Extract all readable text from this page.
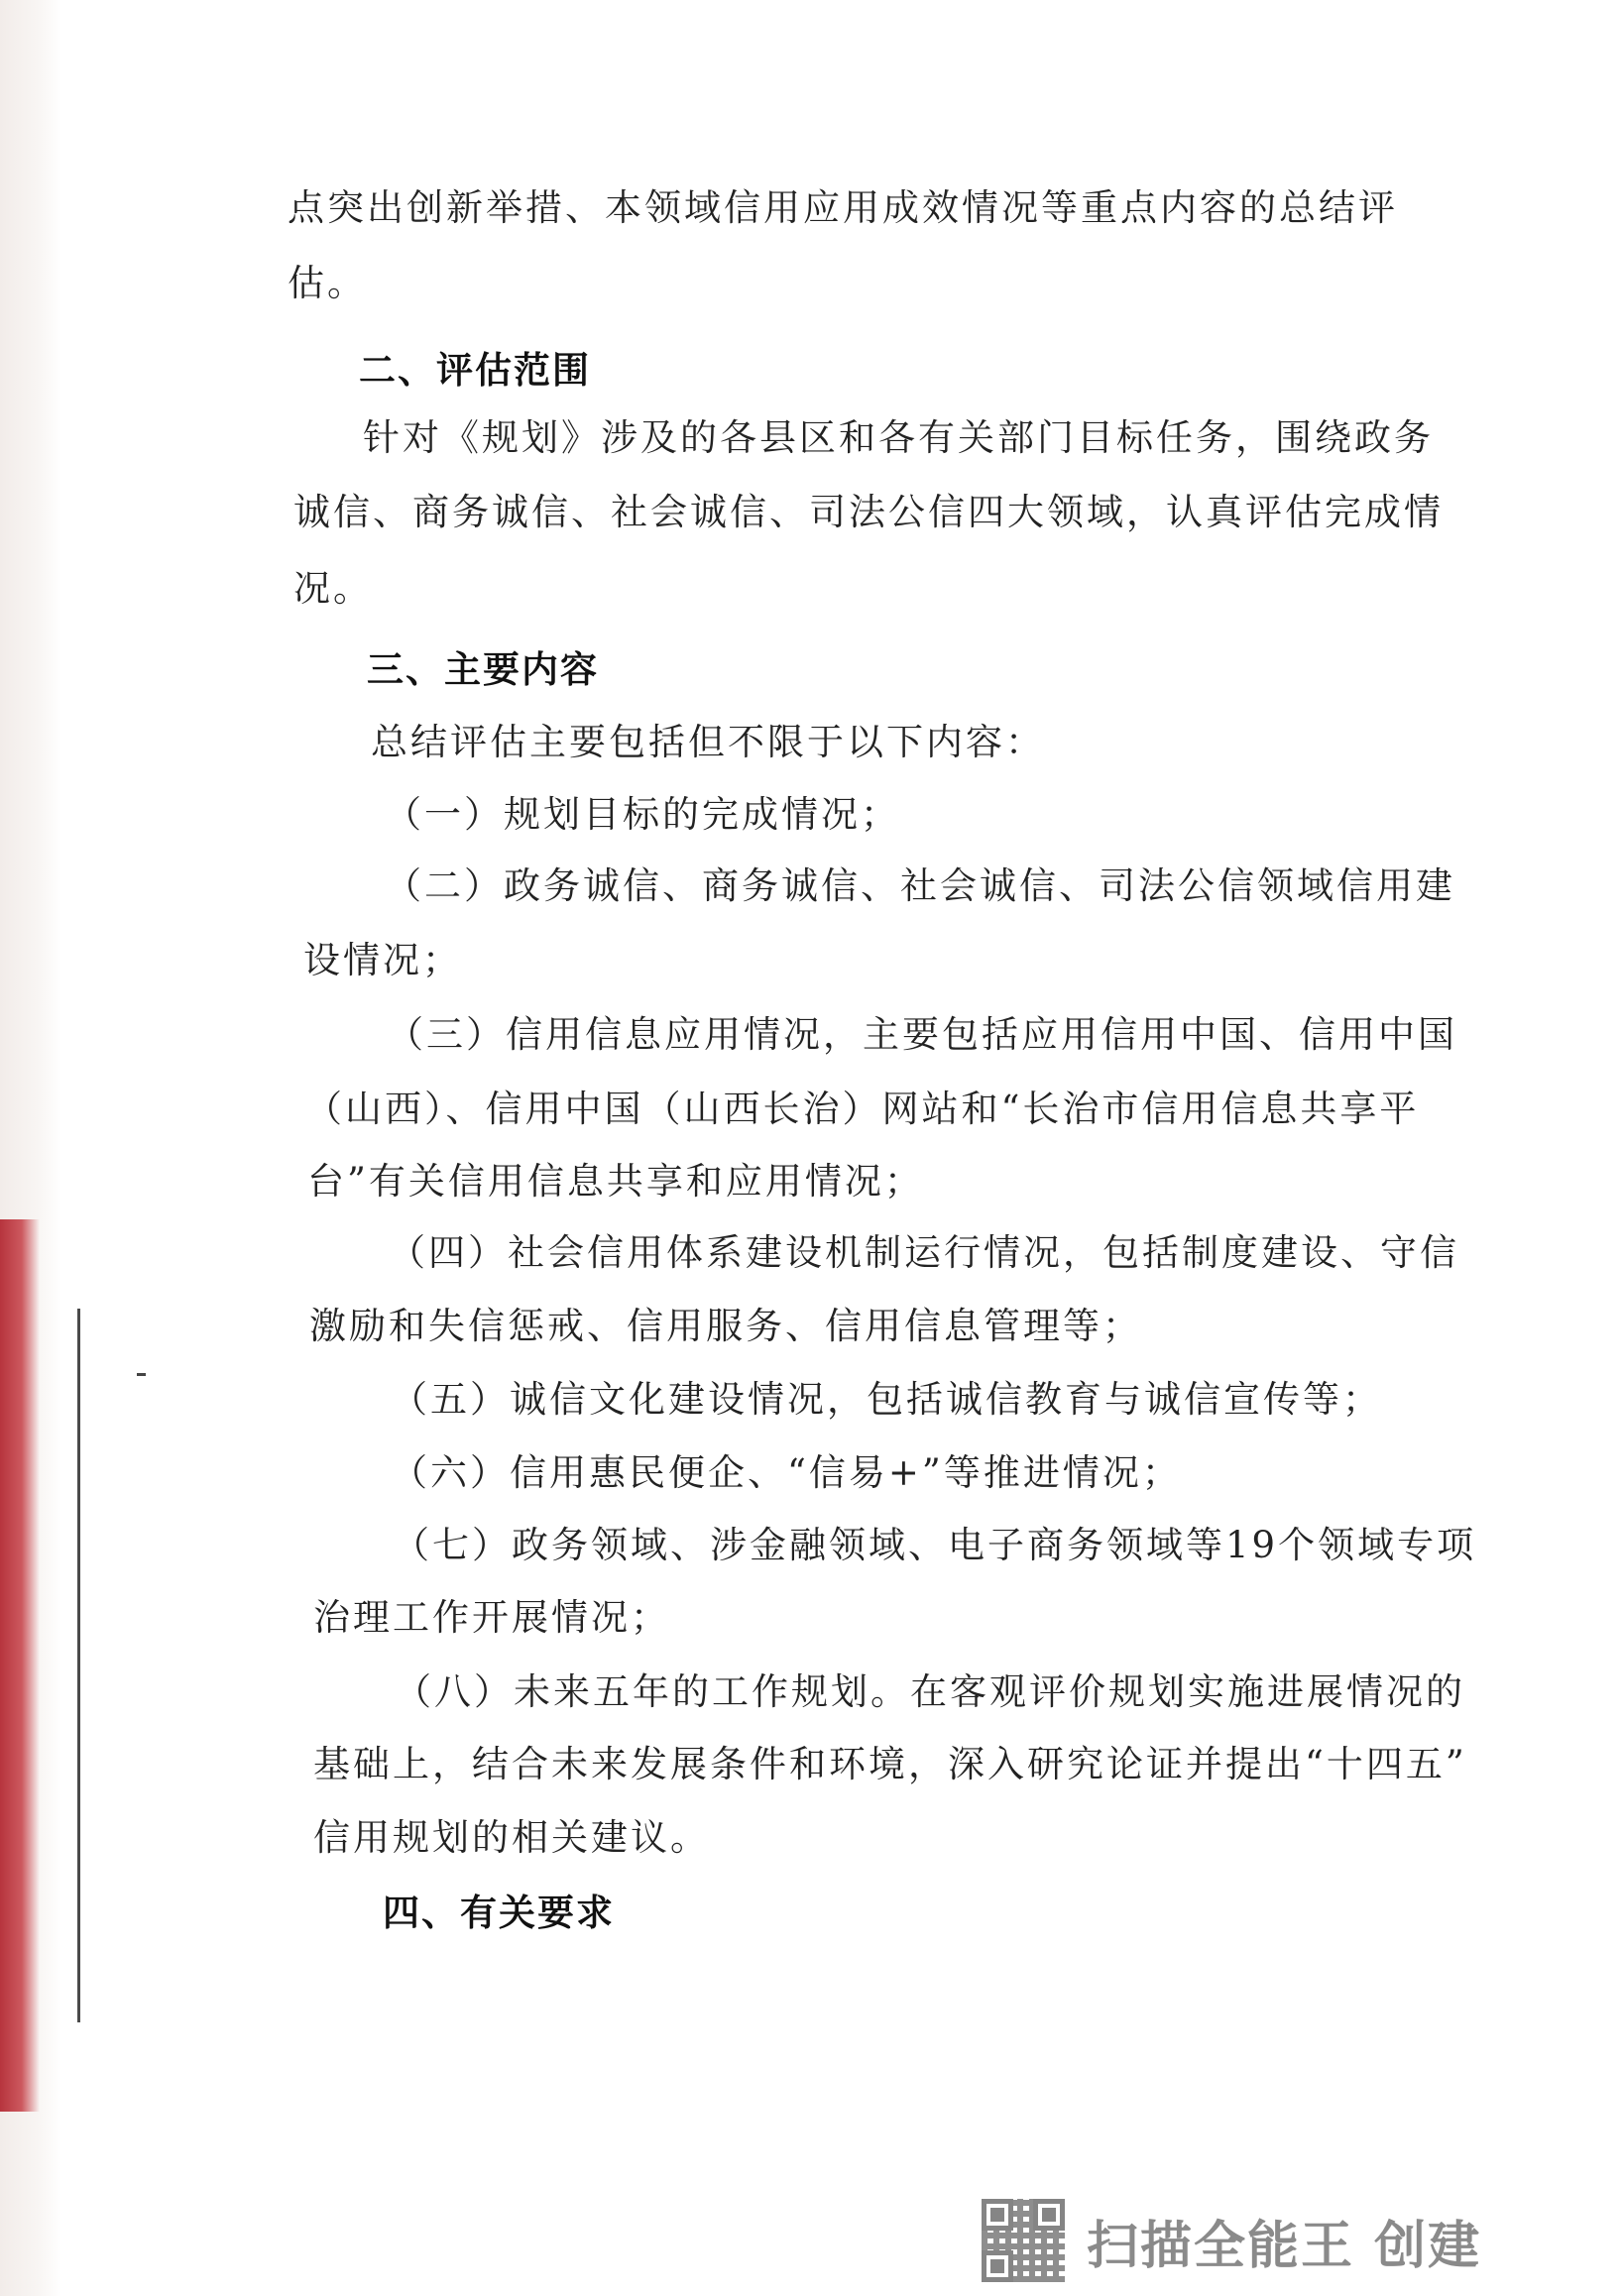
点突出创新举措、本领域信用应用成效情况等重点内容的总结评

估。

二、评估范围

针对《规划》涉及的各县区和各有关部门目标任务，围绕政务

诚信、商务诚信、社会诚信、司法公信四大领域，认真评估完成情

况。

三、主要内容

总结评估主要包括但不限于以下内容：

（一）规划目标的完成情况；

（二）政务诚信、商务诚信、社会诚信、司法公信领域信用建

设情况；

（三）信用信息应用情况，主要包括应用信用中国、信用中国

（山西）、信用中国（山西长治）网站和“长治市信用信息共享平

台”有关信用信息共享和应用情况；

（四）社会信用体系建设机制运行情况，包括制度建设、守信

激励和失信惩戒、信用服务、信用信息管理等；

（五）诚信文化建设情况，包括诚信教育与诚信宣传等；

（六）信用惠民便企、“信易+”等推进情况；

（七）政务领域、涉金融领域、电子商务领域等19个领域专项

治理工作开展情况；

（八）未来五年的工作规划。在客观评价规划实施进展情况的

基础上，结合未来发展条件和环境，深入研究论证并提出“十四五”

信用规划的相关建议。

四、有关要求

扫描全能王 创建
